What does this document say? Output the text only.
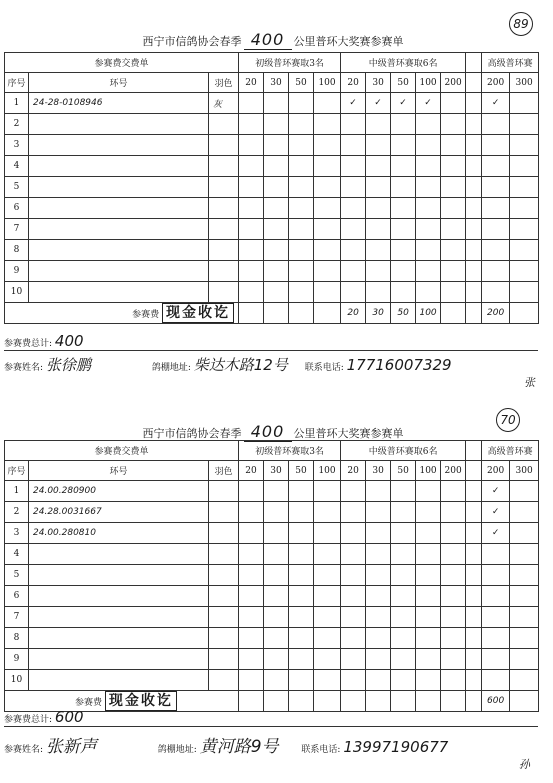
西宁市信鸽协会春季 400 公里普环大奖赛参赛单
89
参赛费交费单			初级普环赛取3名				中级普环赛取6名						高级普环赛	
序号	环号	羽色	20	30	50	100	20	30	50	100	200		200	300
1	24-28-0108946	灰					✓	✓	✓	✓			✓	
2														
3														
4														
5														
6														
7														
8														
9														
10														
参赛费 现金收讫							20	30	50	100			200	
参赛费总计: 400
参赛姓名: 张徐鹏	鸽棚地址: 柴达木路12号 联系电话: 17716007329
张
西宁市信鸽协会春季 400 公里普环大奖赛参赛单
70
参赛费交费单			初级普环赛取3名				中级普环赛取6名						高级普环赛	
序号	环号	羽色	20	30	50	100	20	30	50	100	200		200	300
1	24.00.280900												✓	
2	24.28.0031667												✓	
3	24.00.280810												✓	
4														
5														
6														
7														
8														
9														
10														
参赛费 现金收讫													600	
参赛费总计: 600
参赛姓名: 张新声	鸽棚地址: 黄河路9号	联系电话: 13997190677
孙
